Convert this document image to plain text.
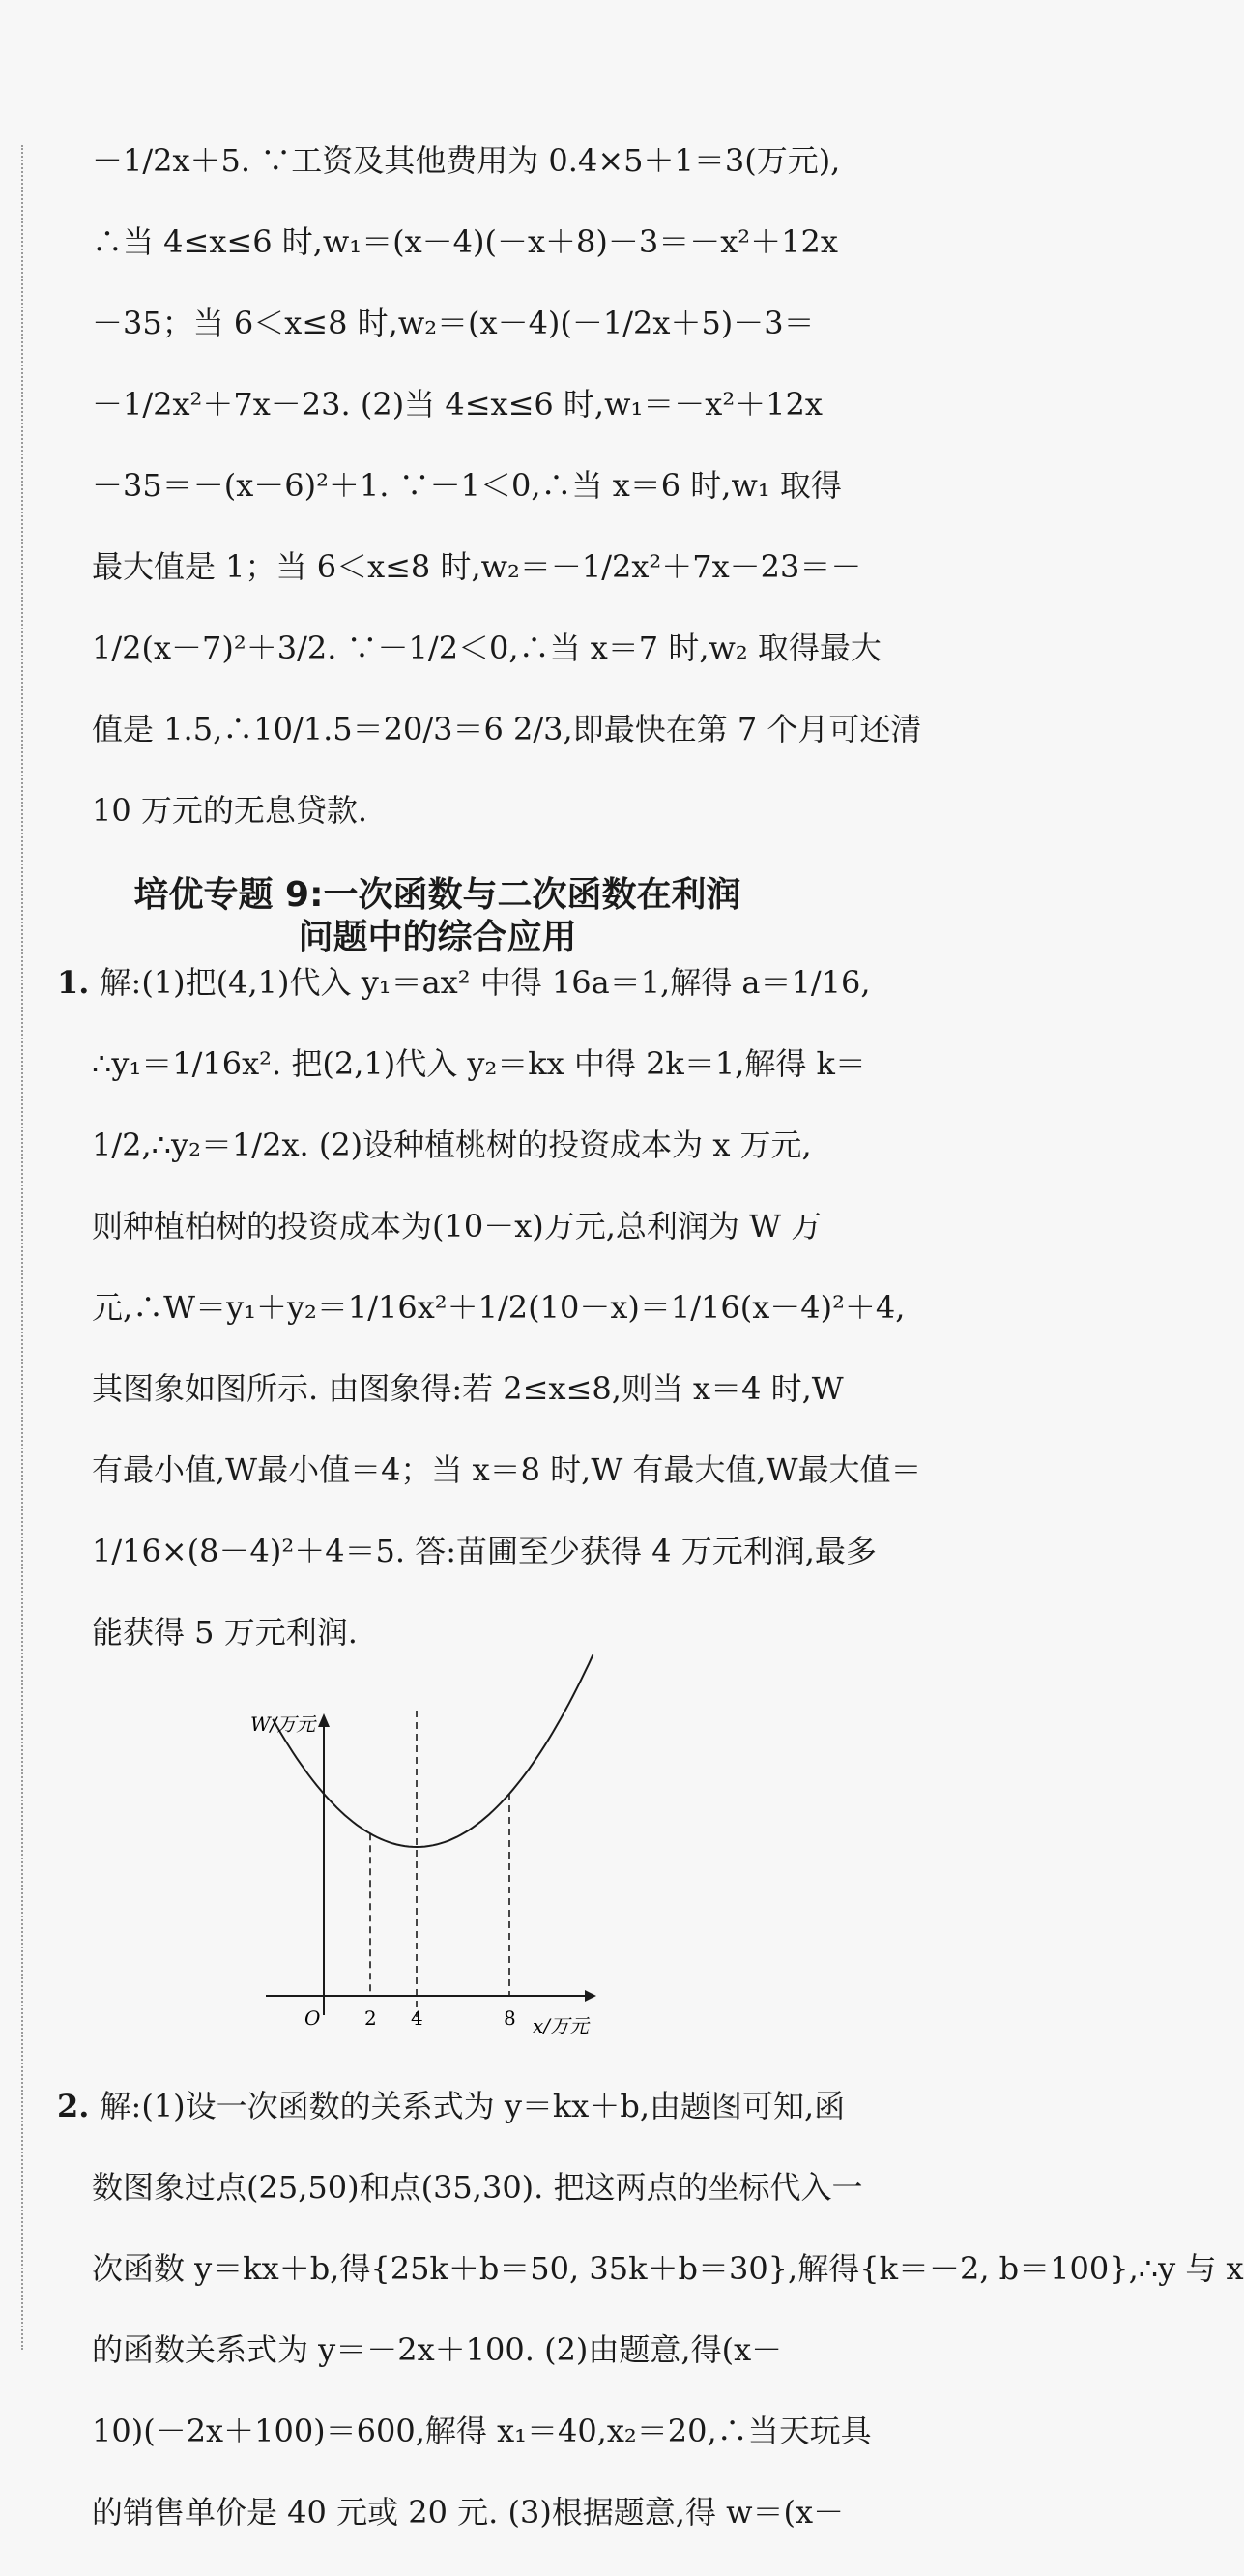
－1/2x＋5. ∵工资及其他费用为 0.4×5＋1＝3(万元),
∴当 4≤x≤6 时,w₁＝(x－4)(－x＋8)－3＝－x²＋12x
－35；当 6＜x≤8 时,w₂＝(x－4)(－1/2x＋5)－3＝
－1/2x²＋7x－23. (2)当 4≤x≤6 时,w₁＝－x²＋12x
－35＝－(x－6)²＋1. ∵－1＜0,∴当 x＝6 时,w₁ 取得
最大值是 1；当 6＜x≤8 时,w₂＝－1/2x²＋7x－23＝－
1/2(x－7)²＋3/2. ∵－1/2＜0,∴当 x＝7 时,w₂ 取得最大
值是 1.5,∴10/1.5＝20/3＝6 2/3,即最快在第 7 个月可还清
10 万元的无息贷款.
培优专题 9:一次函数与二次函数在利润
问题中的综合应用
1. 解:(1)把(4,1)代入 y₁＝ax² 中得 16a＝1,解得 a＝1/16,
∴y₁＝1/16x². 把(2,1)代入 y₂＝kx 中得 2k＝1,解得 k＝
1/2,∴y₂＝1/2x. (2)设种植桃树的投资成本为 x 万元,
则种植柏树的投资成本为(10－x)万元,总利润为 W 万
元,∴W＝y₁＋y₂＝1/16x²＋1/2(10－x)＝1/16(x－4)²＋4,
其图象如图所示. 由图象得:若 2≤x≤8,则当 x＝4 时,W
有最小值,W最小值＝4；当 x＝8 时,W 有最大值,W最大值＝
1/16×(8－4)²＋4＝5. 答:苗圃至少获得 4 万元利润,最多
能获得 5 万元利润.
W/万元
x/万元
O 2 4	8
2. 解:(1)设一次函数的关系式为 y＝kx＋b,由题图可知,函
数图象过点(25,50)和点(35,30). 把这两点的坐标代入一
次函数 y＝kx＋b,得{25k＋b＝50, 35k＋b＝30},解得{k＝－2, b＝100},∴y 与 x
的函数关系式为 y＝－2x＋100. (2)由题意,得(x－
10)(－2x＋100)＝600,解得 x₁＝40,x₂＝20,∴当天玩具
的销售单价是 40 元或 20 元. (3)根据题意,得 w＝(x－
